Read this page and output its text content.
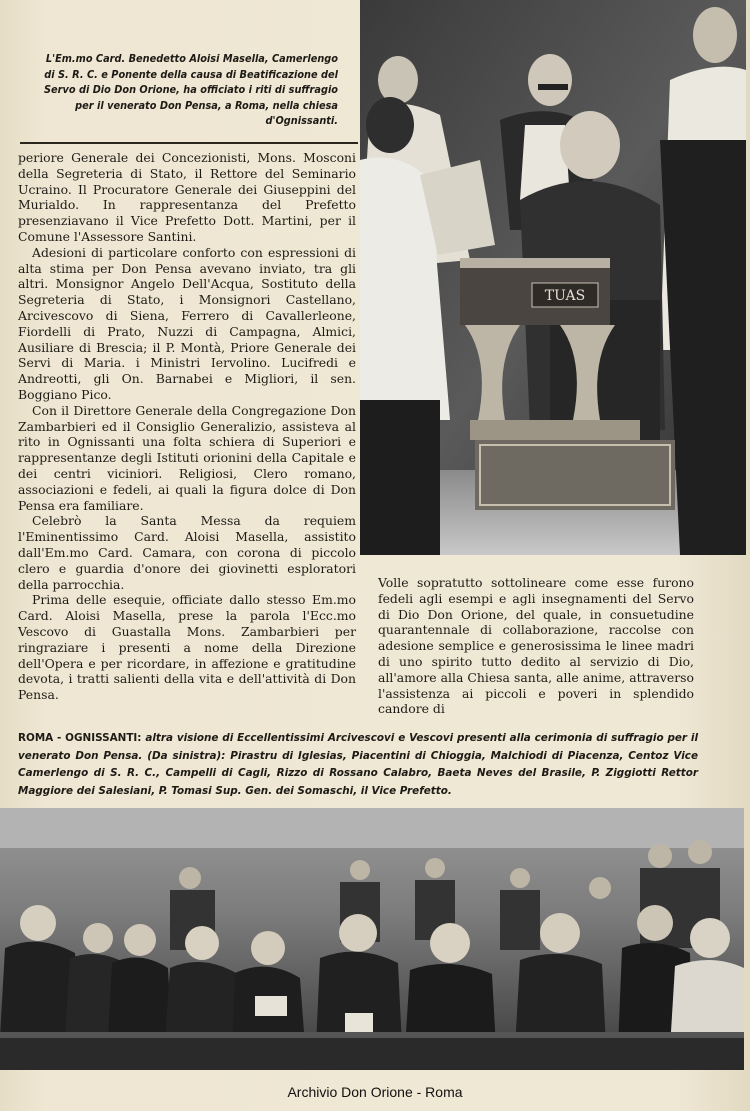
L'Em.mo Card. Benedetto Aloisi Masella, Camerlengo di S. R. C. e Ponente della causa di Beatificazione del Servo di Dio Don Orione, ha officiato i riti di suffragio per il venerato Don Pensa, a Roma, nella chiesa d'Ognissanti.
TUAS

periore Generale dei Concezionisti, Mons. Mosconi della Segreteria di Stato, il Rettore del Seminario Ucraino. Il Procuratore Generale dei Giuseppini del Murialdo. In rappresentanza del Prefetto presenziavano il Vice Prefetto Dott. Martini, per il Comune l'Assessore Santini.

Adesioni di particolare conforto con espressioni di alta stima per Don Pensa avevano inviato, tra gli altri. Monsignor Angelo Dell'Acqua, Sostituto della Segreteria di Stato, i Monsignori Castellano, Arcivescovo di Siena, Ferrero di Cavallerleone, Fiordelli di Prato, Nuzzi di Campagna, Almici, Ausiliare di Brescia; il P. Montà, Priore Generale dei Servi di Maria. i Ministri Iervolino. Lucifredi e Andreotti, gli On. Barnabei e Migliori, il sen. Boggiano Pico.

Con il Direttore Generale della Congregazione Don Zambarbieri ed il Consiglio Generalizio, assisteva al rito in Ognissanti una folta schiera di Superiori e rappresentanze degli Istituti orionini della Capitale e dei centri viciniori. Religiosi, Clero romano, associazioni e fedeli, ai quali la figura dolce di Don Pensa era familiare.

Celebrò la Santa Messa da requiem l'Eminentissimo Card. Aloisi Masella, assistito dall'Em.mo Card. Camara, con corona di piccolo clero e guardia d'onore dei giovinetti esploratori della parrocchia.

Prima delle esequie, officiate dallo stesso Em.mo Card. Aloisi Masella, prese la parola l'Ecc.mo Vescovo di Guastalla Mons. Zambarbieri per ringraziare i presenti a nome della Direzione dell'Opera e per ricordare, in affezione e gratitudine devota, i tratti salienti della vita e dell'attività di Don Pensa.

Volle sopratutto sottolineare come esse furono fedeli agli esempi e agli insegnamenti del Servo di Dio Don Orione, del quale, in consuetudine quarantennale di collaborazione, raccolse con adesione semplice e generosissima le linee madri di uno spirito tutto dedito al servizio di Dio, all'amore alla Chiesa santa, alle anime, attraverso l'assistenza ai piccoli e poveri in splendido candore di

ROMA - OGNISSANTI: altra visione di Eccellentissimi Arcivescovi e Vescovi presenti alla cerimonia di suffragio per il venerato Don Pensa. (Da sinistra): Pirastru di Iglesias, Piacentini di Chioggia, Malchiodi di Piacenza, Centoz Vice Camerlengo di S. R. C., Campelli di Cagli, Rizzo di Rossano Calabro, Baeta Neves del Brasile, P. Ziggiotti Rettor Maggiore dei Salesiani, P. Tomasi Sup. Gen. dei Somaschi, il Vice Prefetto.
Archivio Don Orione - Roma
